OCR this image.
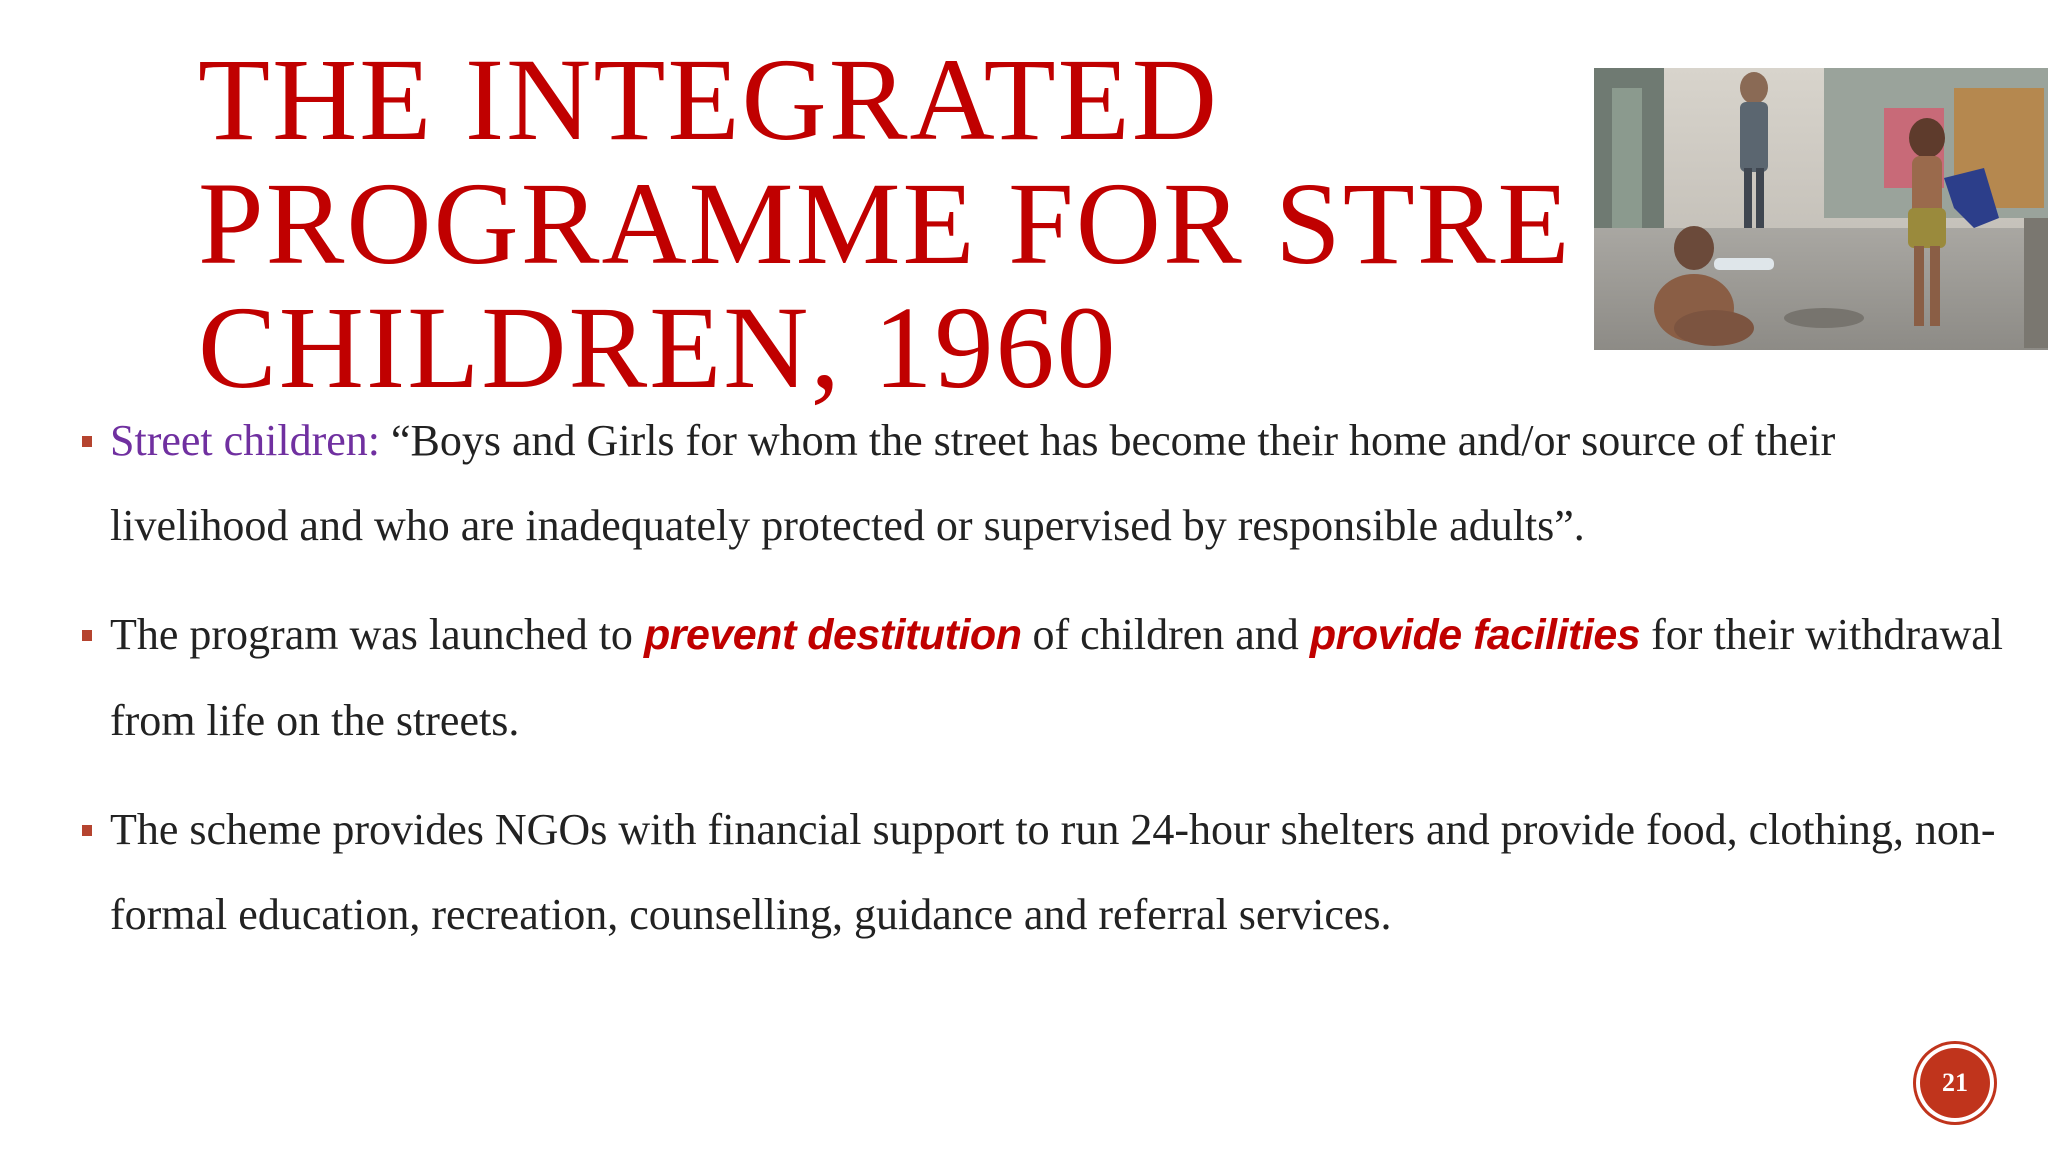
THE INTEGRATED
PROGRAMME FOR STRE
CHILDREN, 1960
Street children: “Boys and Girls for whom the street has become their home and/or source of their livelihood and who are inadequately protected or supervised by responsible adults”.
The program was launched to prevent destitution of children and provide facilities for their withdrawal from life on the streets.
The scheme provides NGOs with financial support to run 24-hour shelters and provide food, clothing, non-formal education, recreation, counselling, guidance and referral services.
21
